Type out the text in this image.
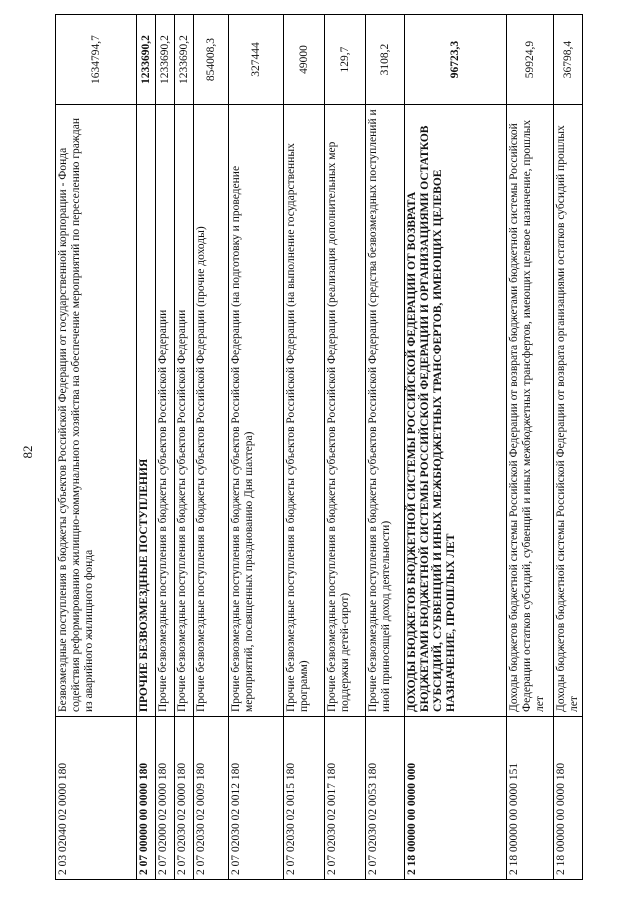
82
2 03 02040 02 0000 180	Безвозмездные поступления в бюджеты субъектов Российской Федерации от государственной корпорации - Фонда содействия реформированию жилищно-коммунального хозяйства на обеспечение мероприятий по переселению граждан из аварийного жилищного фонда	1634794,7
2 07 00000 00 0000 180	ПРОЧИЕ БЕЗВОЗМЕЗДНЫЕ ПОСТУПЛЕНИЯ	1233690,2
2 07 02000 02 0000 180	Прочие безвозмездные поступления в бюджеты субъектов Российской Федерации	1233690,2
2 07 02030 02 0000 180	Прочие безвозмездные поступления в бюджеты субъектов Российской Федерации	1233690,2
2 07 02030 02 0009 180	Прочие безвозмездные поступления в бюджеты субъектов Российской Федерации (прочие доходы)	854008,3
2 07 02030 02 0012 180	Прочие безвозмездные поступления в бюджеты субъектов Российской Федерации (на подготовку и проведение мероприятий, посвященных празднованию Дня шахтера)	327444
2 07 02030 02 0015 180	Прочие безвозмездные поступления в бюджеты субъектов Российской Федерации (на выполнение государственных программ)	49000
2 07 02030 02 0017 180	Прочие безвозмездные поступления в бюджеты субъектов Российской Федерации (реализация дополнительных мер поддержки детей-сирот)	129,7
2 07 02030 02 0053 180	Прочие безвозмездные поступления в бюджеты субъектов Российской Федерации (средства безвозмездных поступлений и иной приносящей доход деятельности)	3108,2
2 18 00000 00 0000 000	ДОХОДЫ БЮДЖЕТОВ БЮДЖЕТНОЙ СИСТЕМЫ РОССИЙСКОЙ ФЕДЕРАЦИИ ОТ ВОЗВРАТА БЮДЖЕТАМИ БЮДЖЕТНОЙ СИСТЕМЫ РОССИЙСКОЙ ФЕДЕРАЦИИ И ОРГАНИЗАЦИЯМИ ОСТАТКОВ СУБСИДИЙ, СУБВЕНЦИЙ И ИНЫХ МЕЖБЮДЖЕТНЫХ ТРАНСФЕРТОВ, ИМЕЮЩИХ ЦЕЛЕВОЕ НАЗНАЧЕНИЕ, ПРОШЛЫХ ЛЕТ	96723,3
2 18 00000 00 0000 151	Доходы бюджетов бюджетной системы Российской Федерации от возврата бюджетами бюджетной системы Российской Федерации остатков субсидий, субвенций и иных межбюджетных трансфертов, имеющих целевое назначение, прошлых лет	59924,9
2 18 00000 00 0000 180	Доходы бюджетов бюджетной системы Российской Федерации от возврата организациями остатков субсидий прошлых лет	36798,4
